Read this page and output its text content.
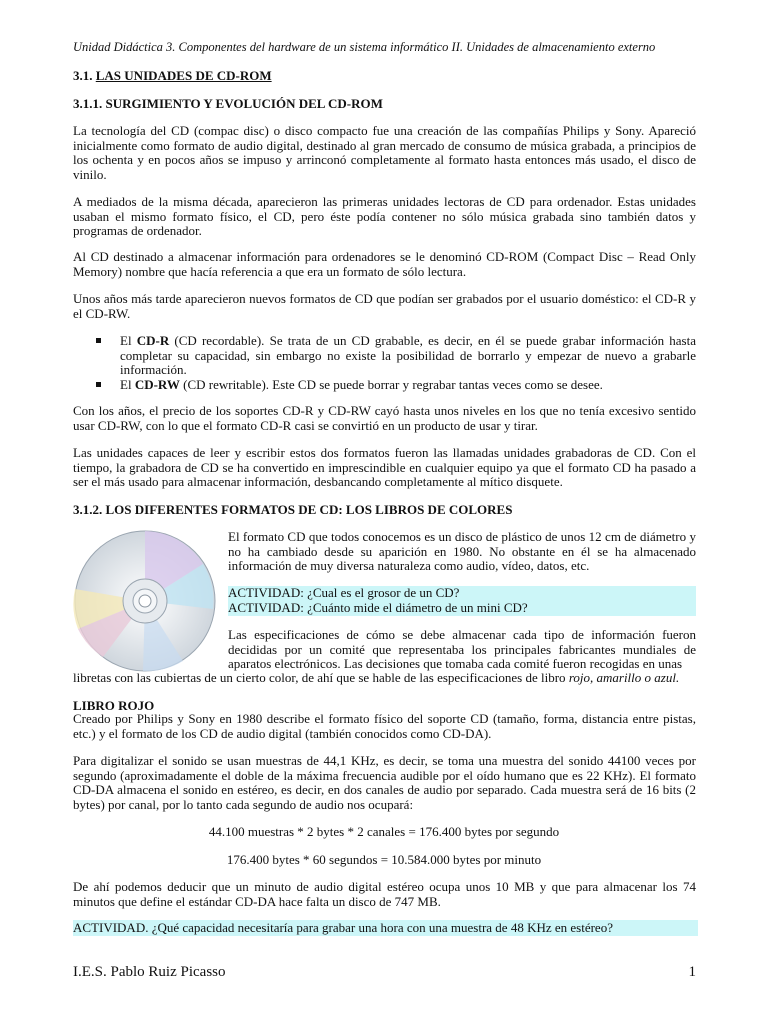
Unidad Didáctica 3. Componentes del hardware de un sistema informático II. Unidades de almacenamiento externo
3.1. LAS UNIDADES DE CD-ROM
3.1.1. SURGIMIENTO Y EVOLUCIÓN DEL CD-ROM
La tecnología del CD (compac disc) o disco compacto fue una creación de las compañías Philips y Sony. Apareció inicialmente como formato de audio digital, destinado al gran mercado de consumo de música grabada, a principios de los ochenta y en pocos años se impuso y arrinconó completamente al formato hasta entonces más usado, el disco de vinilo.
A mediados de la misma década, aparecieron las primeras unidades lectoras de CD para ordenador. Estas unidades usaban el mismo formato físico, el CD, pero éste podía contener no sólo música grabada sino también datos y programas de ordenador.
Al CD destinado a almacenar información para ordenadores se le denominó CD-ROM (Compact Disc – Read Only Memory) nombre que hacía referencia a que era un formato de sólo lectura.
Unos años más tarde aparecieron nuevos formatos de CD que podían ser grabados por el usuario doméstico: el CD-R y el CD-RW.
El CD-R (CD recordable). Se trata de un CD grabable, es decir, en él se puede grabar información hasta completar su capacidad, sin embargo no existe la posibilidad de borrarlo y empezar de nuevo a grabarle información.
El CD-RW (CD rewritable). Este CD se puede borrar y regrabar tantas veces como se desee.
Con los años, el precio de los soportes CD-R y CD-RW cayó hasta unos niveles en los que no tenía excesivo sentido usar CD-RW, con lo que el formato CD-R casi se convirtió en un producto de usar y tirar.
Las unidades capaces de leer y escribir estos dos formatos fueron las llamadas unidades grabadoras de CD. Con el tiempo, la grabadora de CD se ha convertido en imprescindible en cualquier equipo ya que el formato CD ha pasado a ser el más usado para almacenar información, desbancando completamente al mítico disquete.
3.1.2. LOS DIFERENTES FORMATOS DE CD: LOS LIBROS DE COLORES
El formato CD que todos conocemos es un disco de plástico de unos 12 cm de diámetro y no ha cambiado desde su aparición en 1980. No obstante en él se ha almacenado información de muy diversa naturaleza como audio, vídeo, datos, etc.
ACTIVIDAD: ¿Cual es el grosor de un CD?
ACTIVIDAD: ¿Cuánto mide el diámetro de un mini CD?
Las especificaciones de cómo se debe almacenar cada tipo de información fueron decididas por un comité que representaba los principales fabricantes mundiales de aparatos electrónicos. Las decisiones que tomaba cada comité fueron recogidas en unas
libretas con las cubiertas de un cierto color, de ahí que se hable de las especificaciones de libro rojo, amarillo o azul.
LIBRO ROJO
Creado por Philips y Sony en 1980 describe el formato físico del soporte CD (tamaño, forma, distancia entre pistas, etc.) y el formato de los CD de audio digital (también conocidos como CD-DA).
Para digitalizar el sonido se usan muestras de 44,1 KHz, es decir, se toma una muestra del sonido 44100 veces por segundo (aproximadamente el doble de la máxima frecuencia audible por el oído humano que es 22 KHz). El formato CD-DA almacena el sonido en estéreo, es decir, en dos canales de audio por separado. Cada muestra será de 16 bits (2 bytes) por canal, por lo tanto cada segundo de audio nos ocupará:
44.100 muestras * 2 bytes * 2 canales = 176.400 bytes por segundo
176.400 bytes * 60 segundos = 10.584.000 bytes por minuto
De ahí podemos deducir que un minuto de audio digital estéreo ocupa unos 10 MB y que para almacenar los 74 minutos que define el estándar CD-DA hace falta un disco de 747 MB.
ACTIVIDAD. ¿Qué capacidad necesitaría para grabar una hora con una muestra de 48 KHz en estéreo?
I.E.S. Pablo Ruiz Picasso	1
